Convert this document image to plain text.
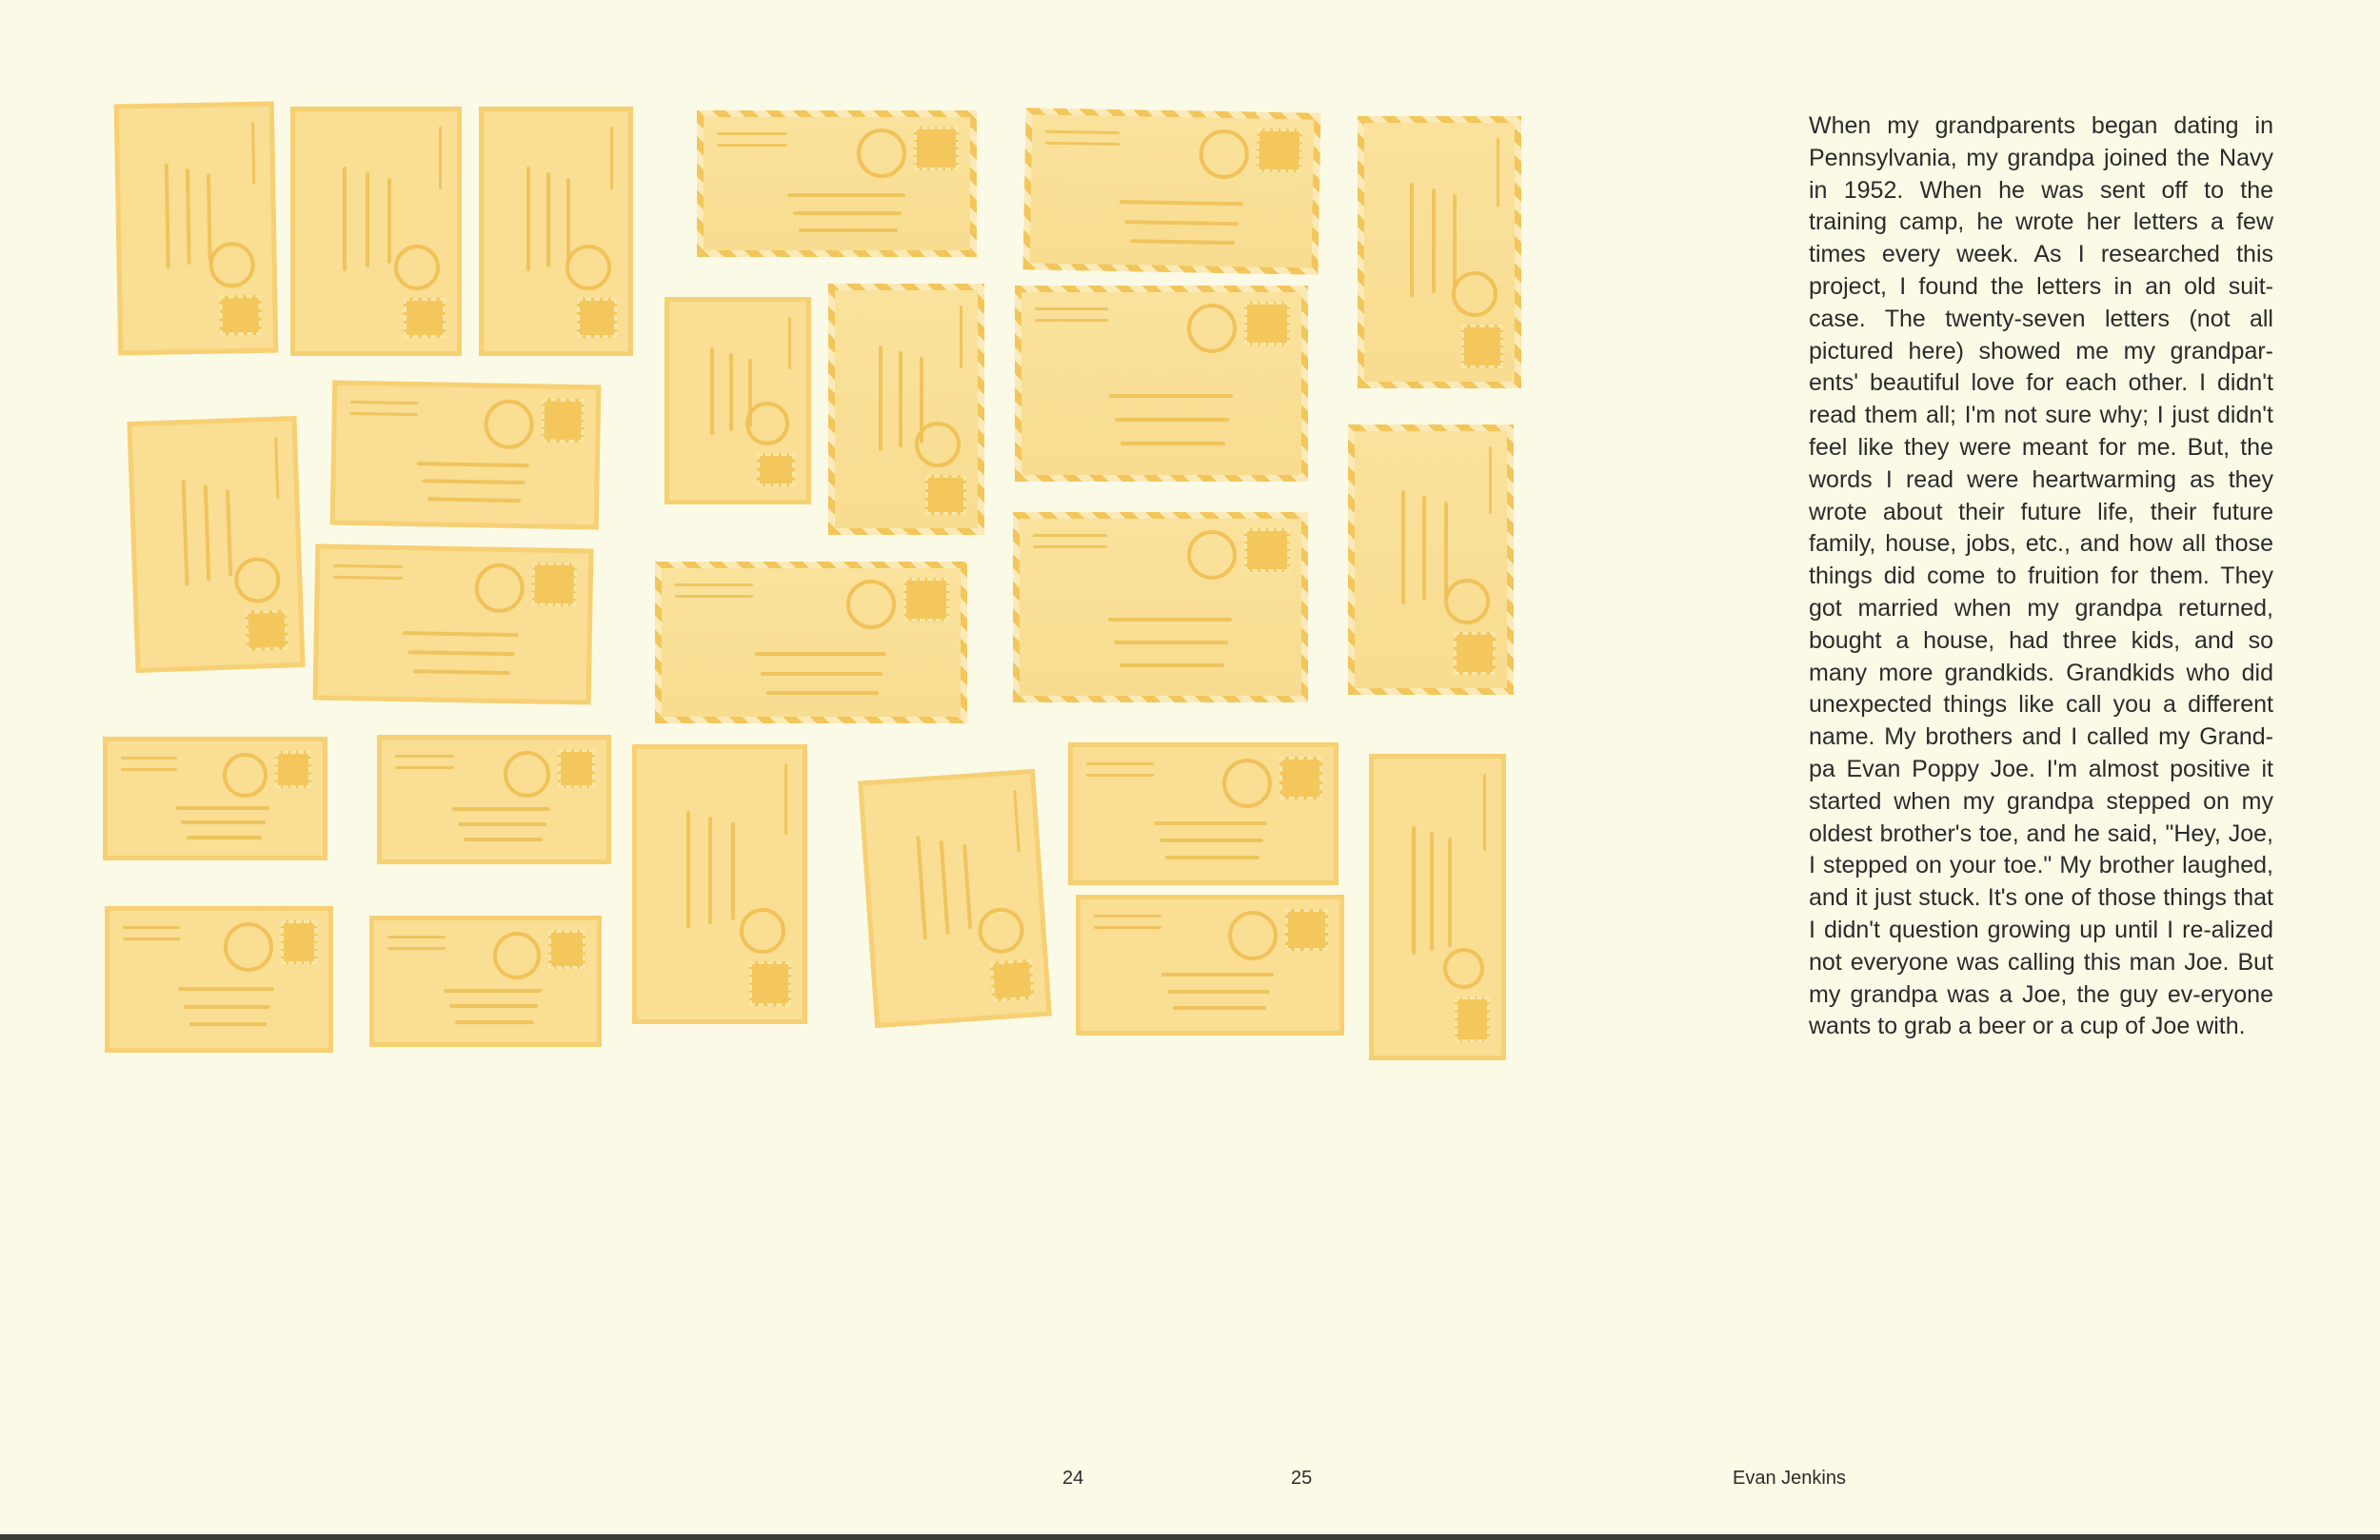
When my grandparents began dating in Pennsylvania, my grandpa joined the Navy in 1952. When he was sent off to the training camp, he wrote her letters a few times every week. As I researched this project, I found the letters in an old suit-case. The twenty-seven letters (not all pictured here) showed me my grandpar-ents' beautiful love for each other. I didn't read them all; I'm not sure why; I just didn't feel like they were meant for me. But, the words I read were heartwarming as they wrote about their future life, their future family, house, jobs, etc., and how all those things did come to fruition for them. They got married when my grandpa returned, bought a house, had three kids, and so many more grandkids. Grandkids who did unexpected things like call you a different name. My brothers and I called my Grand-pa Evan Poppy Joe. I'm almost positive it started when my grandpa stepped on my oldest brother's toe, and he said, "Hey, Joe, I stepped on your toe." My brother laughed, and it just stuck. It's one of those things that I didn't question growing up until I re-alized not everyone was calling this man Joe. But my grandpa was a Joe, the guy ev-eryone wants to grab a beer or a cup of Joe with.
24	25	Evan Jenkins
